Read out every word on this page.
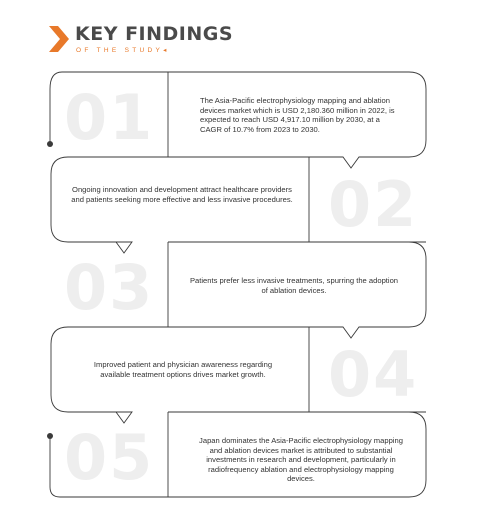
KEY FINDINGS
OF THE STUDY◂
01	The Asia-Pacific electrophysiology mapping and ablation devices market which is USD 2,180.360 million in 2022, is expected to reach USD 4,917.10 million by 2030, at a CAGR of 10.7% from 2023 to 2030.
Ongoing innovation and development attract healthcare providers and patients seeking more effective and less invasive procedures. 02
03	Patients prefer less invasive treatments, spurring the adoption of ablation devices.
Improved patient and physician awareness regarding available treatment options drives market growth.	04
05	Japan dominates the Asia-Pacific electrophysiology mapping and ablation devices market is attributed to substantial investments in research and development, particularly in radiofrequency ablation and electrophysiology mapping devices.
